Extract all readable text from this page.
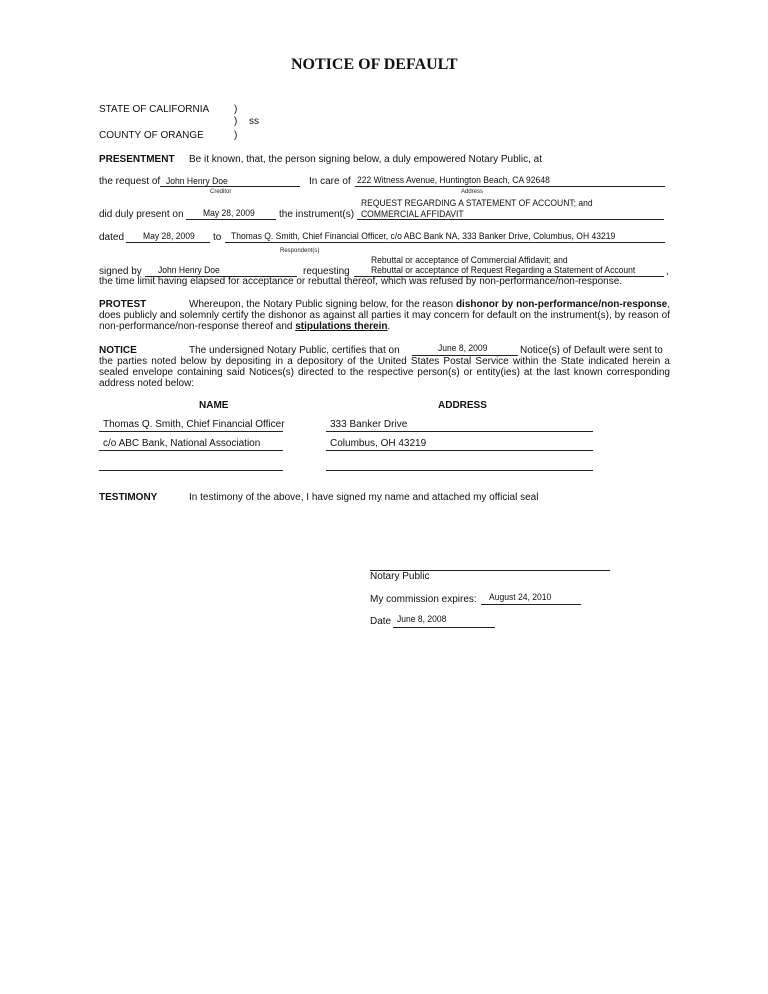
NOTICE OF DEFAULT
STATE OF CALIFORNIA )
) ss
COUNTY OF ORANGE	)
PRESENTMENT Be it known, that, the person signing below, a duly empowered Notary Public, at
the request of John Henry Doe
Creditor
In care of 222 Witness Avenue, Huntington Beach, CA 92648
Address
REQUEST REGARDING A STATEMENT OF ACCOUNT; and
did duly present on May 28, 2009 the instrument(s) COMMERCIAL AFFIDAVIT
dated May 28, 2009 to Thomas Q. Smith, Chief Financial Officer, c/o ABC Bank NA, 333 Banker Drive, Columbus, OH 43219
Respondent(s)
Rebuttal or acceptance of Commercial Affidavit; and
signed by John Henry Doe	requesting Rebuttal or acceptance of Request Regarding a Statement of Account	,
the time limit having elapsed for acceptance or rebuttal thereof, which was refused by non-performance/non-response.
PROTEST	Whereupon, the Notary Public signing below, for the reason dishonor by non-performance/non-response, does publicly and solemnly certify the dishonor as against all parties it may concern for default on the instrument(s), by reason of non-performance/non-response thereof and stipulations therein.
NOTICE	The undersigned Notary Public, certifies that on	June 8, 2009	Notice(s) of Default were sent to
the parties noted below by depositing in a depository of the United States Postal Service within the State indicated herein a sealed envelope containing said Notices(s) directed to the respective person(s) or entity(ies) at the last known corresponding address noted below:
NAME	ADDRESS
Thomas Q. Smith, Chief Financial Officer	333 Banker Drive
c/o ABC Bank, National Association	Columbus, OH 43219
TESTIMONY	In testimony of the above, I have signed my name and attached my official seal
Notary Public
My commission expires: August 24, 2010
Date June 8, 2008
